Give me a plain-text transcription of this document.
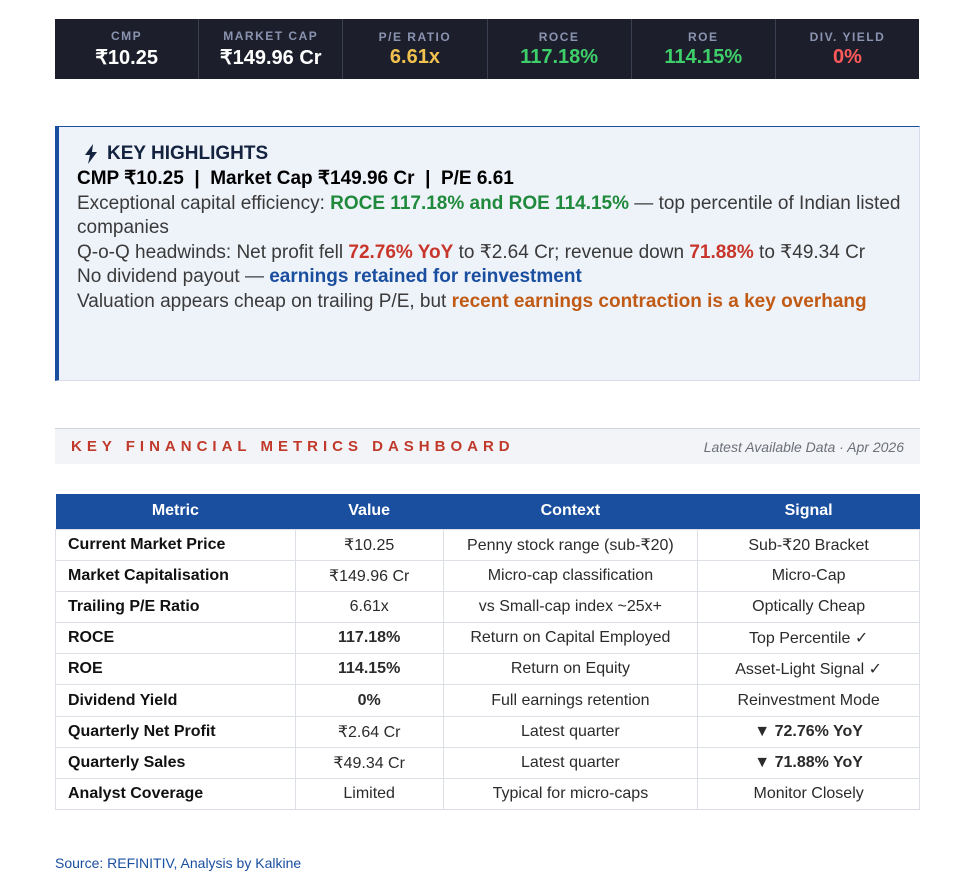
CMP
₹10.25
MARKET CAP
₹149.96 Cr
P/E RATIO
6.61x
ROCE
117.18%
ROE
114.15%
DIV. YIELD
0%
KEY HIGHLIGHTS
CMP ₹10.25  |  Market Cap ₹149.96 Cr  |  P/E 6.61
Exceptional capital efficiency: ROCE 117.18% and ROE 114.15% — top percentile of Indian listed companies
Q-o-Q headwinds: Net profit fell 72.76% YoY to ₹2.64 Cr; revenue down 71.88% to ₹49.34 Cr
No dividend payout — earnings retained for reinvestment
Valuation appears cheap on trailing P/E, but recent earnings contraction is a key overhang
KEY FINANCIAL METRICS DASHBOARD	Latest Available Data · Apr 2026
Metric	Value	Context	Signal
Current Market Price	₹10.25	Penny stock range (sub-₹20)	Sub-₹20 Bracket
Market Capitalisation	₹149.96 Cr	Micro-cap classification	Micro-Cap
Trailing P/E Ratio	6.61x	vs Small-cap index ~25x+	Optically Cheap
ROCE	117.18%	Return on Capital Employed	Top Percentile ✓
ROE	114.15%	Return on Equity	Asset-Light Signal ✓
Dividend Yield	0%	Full earnings retention	Reinvestment Mode
Quarterly Net Profit	₹2.64 Cr	Latest quarter	▼ 72.76% YoY
Quarterly Sales	₹49.34 Cr	Latest quarter	▼ 71.88% YoY
Analyst Coverage	Limited	Typical for micro-caps	Monitor Closely
Source: REFINITIV, Analysis by Kalkine
